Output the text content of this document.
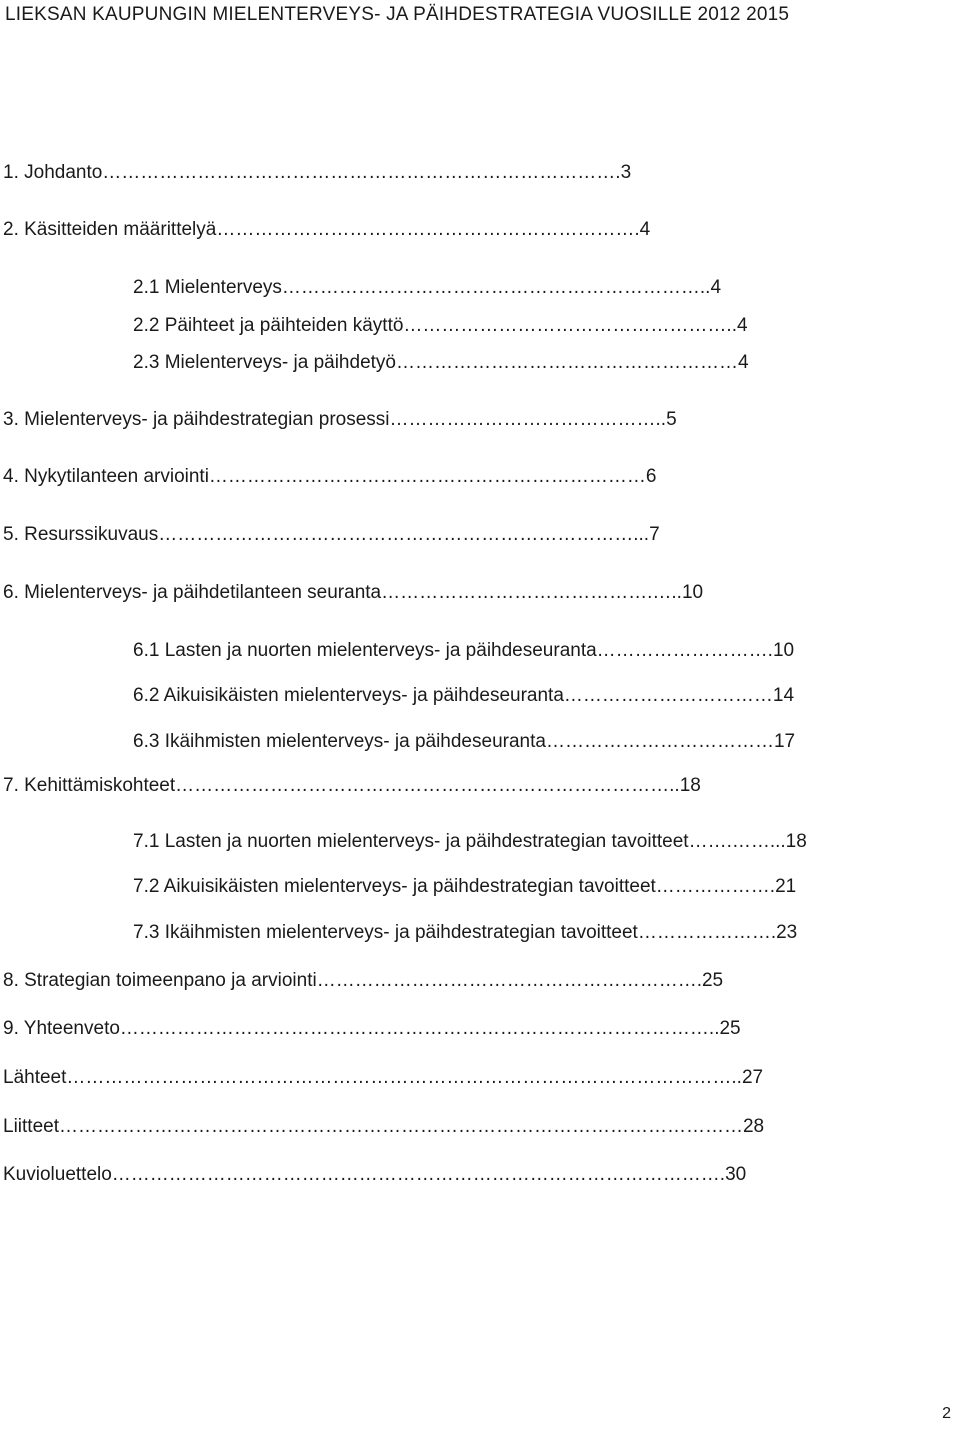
LIEKSAN KAUPUNGIN MIELENTERVEYS- JA PÄIHDESTRATEGIA VUOSILLE 2012 2015
1. Johdanto……………………………………………………………………….3
2. Käsitteiden määrittelyä………………………………………………………….4
2.1 Mielenterveys…………………………………………………………..4
2.2 Päihteet ja päihteiden käyttö……………………………………………..4
2.3 Mielenterveys- ja päihdetyö………………………………………………4
3. Mielenterveys- ja päihdestrategian prosessi……………………………………..5
4. Nykytilanteen arviointi……………………………………………………………6
5. Resurssikuvaus…………………………………………………………………...7
6. Mielenterveys- ja päihdetilanteen seuranta…………………………………….…..10
6.1 Lasten ja nuorten mielenterveys- ja päihdeseuranta……………………….10
6.2 Aikuisikäisten mielenterveys- ja päihdeseuranta……………………………14
6.3 Ikäihmisten mielenterveys- ja päihdeseuranta………………………………17
7. Kehittämiskohteet……………………………………………………………………..18
7.1 Lasten ja nuorten mielenterveys- ja päihdestrategian tavoitteet…….……...18
7.2 Aikuisikäisten mielenterveys- ja päihdestrategian tavoitteet……………….21
7.3 Ikäihmisten mielenterveys- ja päihdestrategian tavoitteet………………….23
8. Strategian toimeenpano ja arviointi…………………………………………………….25
9. Yhteenveto…………………………………………………………………………………..25
Lähteet……………………………………………………………………………………………..27
Liitteet………………………………………………………………………………………………28
Kuvioluettelo…………………………………………………………………………………….30
2
